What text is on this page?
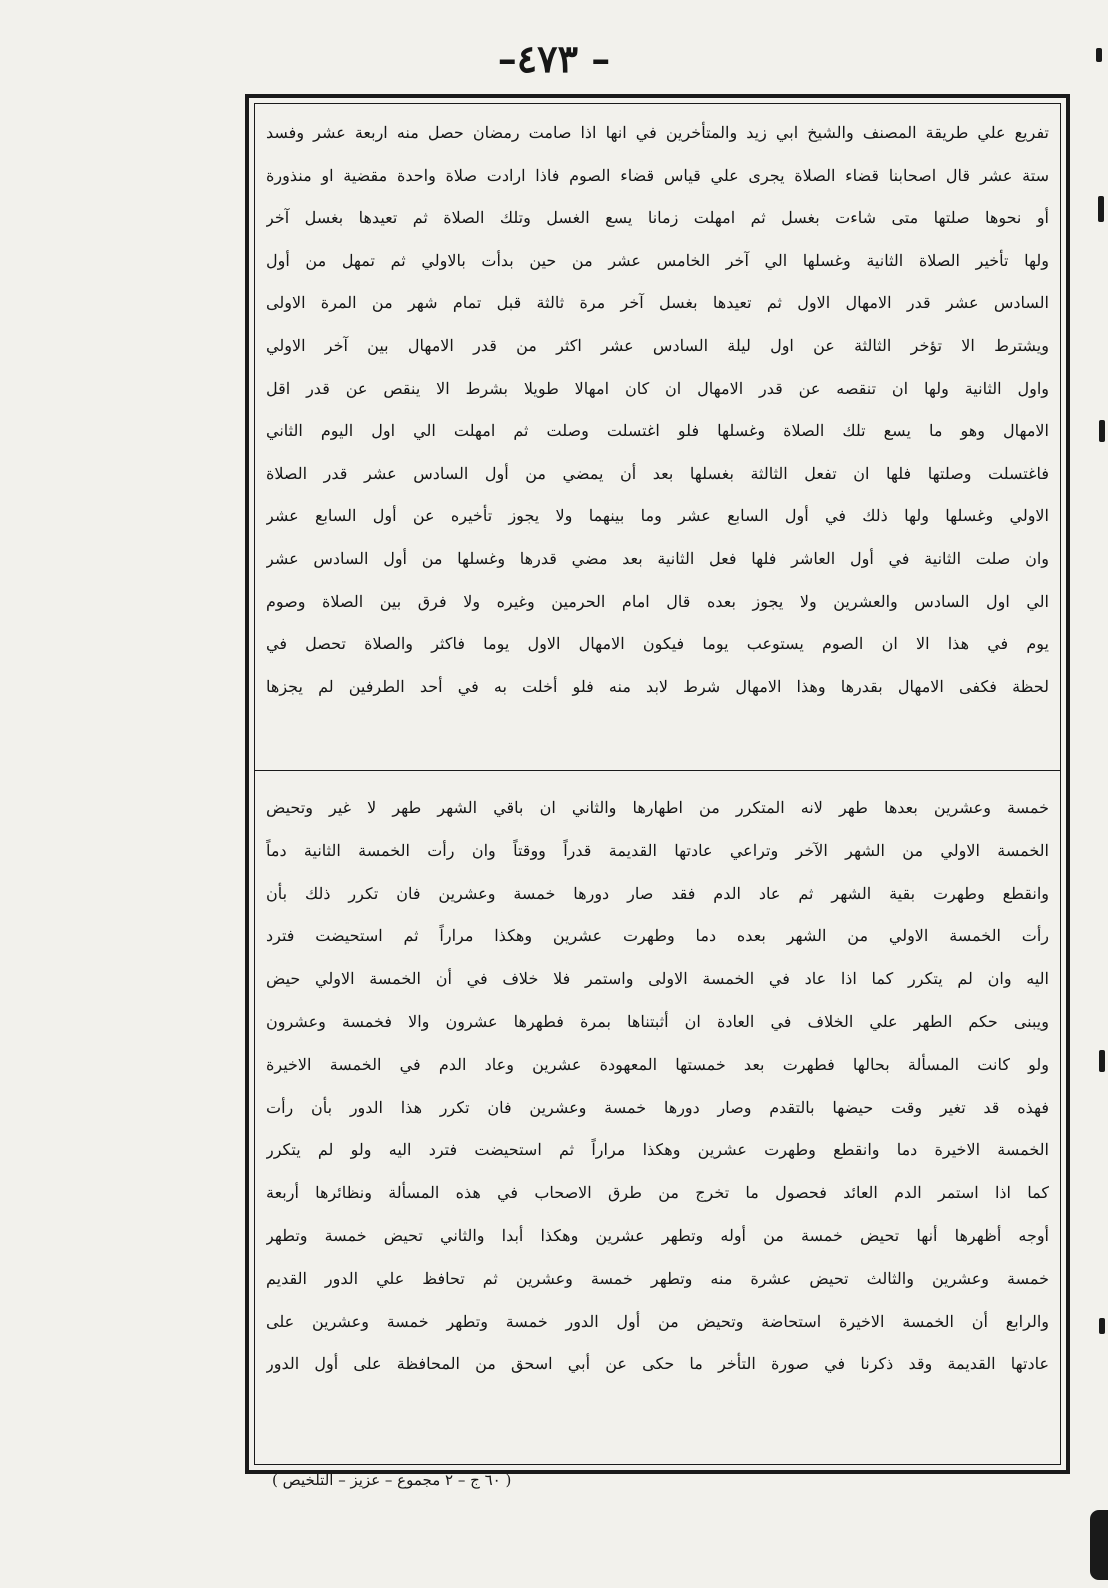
– ٤٧٣–
تفريع علي طريقة المصنف والشيخ ابي زيد والمتأخرين في انها اذا صامت رمضان حصل منه اربعة عشر وفسد
ستة عشر قال اصحابنا قضاء الصلاة يجرى علي قياس قضاء الصوم فاذا ارادت صلاة واحدة مقضية او منذورة
أو نحوها صلتها متى شاءت بغسل ثم امهلت زمانا يسع الغسل وتلك الصلاة ثم تعيدها بغسل آخر
ولها تأخير الصلاة الثانية وغسلها الي آخر الخامس عشر من حين بدأت بالاولي ثم تمهل من أول
السادس عشر قدر الامهال الاول ثم تعيدها بغسل آخر مرة ثالثة قبل تمام شهر من المرة الاولى
ويشترط الا تؤخر الثالثة عن اول ليلة السادس عشر اكثر من قدر الامهال بين آخر الاولي
واول الثانية ولها ان تنقصه عن قدر الامهال ان كان امهالا طويلا بشرط الا ينقص عن قدر اقل
الامهال وهو ما يسع تلك الصلاة وغسلها فلو اغتسلت وصلت ثم امهلت الي اول اليوم الثاني
فاغتسلت وصلتها فلها ان تفعل الثالثة بغسلها بعد أن يمضي من أول السادس عشر قدر الصلاة
الاولي وغسلها ولها ذلك في أول السابع عشر وما بينهما ولا يجوز تأخيره عن أول السابع عشر
وان صلت الثانية في أول العاشر فلها فعل الثانية بعد مضي قدرها وغسلها من أول السادس عشر
الي اول السادس والعشرين ولا يجوز بعده قال امام الحرمين وغيره ولا فرق بين الصلاة وصوم
يوم في هذا الا ان الصوم يستوعب يوما فيكون الامهال الاول يوما فاكثر والصلاة تحصل في
لحظة فكفى الامهال بقدرها وهذا الامهال شرط لابد منه فلو أخلت به في أحد الطرفين لم يجزها
خمسة وعشرين بعدها طهر لانه المتكرر من اطهارها والثاني ان باقي الشهر طهر لا غير وتحيض
الخمسة الاولي من الشهر الآخر وتراعي عادتها القديمة قدراً ووقتاً وان رأت الخمسة الثانية دماً
وانقطع وطهرت بقية الشهر ثم عاد الدم فقد صار دورها خمسة وعشرين فان تكرر ذلك بأن
رأت الخمسة الاولي من الشهر بعده دما وطهرت عشرين وهكذا مراراً ثم استحيضت فترد
اليه وان لم يتكرر كما اذا عاد في الخمسة الاولى واستمر فلا خلاف في أن الخمسة الاولي حيض
ويبنى حكم الطهر علي الخلاف في العادة ان أثبتناها بمرة فطهرها عشرون والا فخمسة وعشرون
ولو كانت المسألة بحالها فطهرت بعد خمستها المعهودة عشرين وعاد الدم في الخمسة الاخيرة
فهذه قد تغير وقت حيضها بالتقدم وصار دورها خمسة وعشرين فان تكرر هذا الدور بأن رأت
الخمسة الاخيرة دما وانقطع وطهرت عشرين وهكذا مراراً ثم استحيضت فترد اليه ولو لم يتكرر
كما اذا استمر الدم العائد فحصول ما تخرج من طرق الاصحاب في هذه المسألة ونظائرها أربعة
أوجه أظهرها أنها تحيض خمسة من أوله وتطهر عشرين وهكذا أبدا والثاني تحيض خمسة وتطهر
خمسة وعشرين والثالث تحيض عشرة منه وتطهر خمسة وعشرين ثم تحافظ علي الدور القديم
والرابع أن الخمسة الاخيرة استحاضة وتحيض من أول الدور خمسة وتطهر خمسة وعشرين على
عادتها القديمة وقد ذكرنا في صورة التأخر ما حكى عن أبي اسحق من المحافظة على أول الدور
( ٦٠ ج – ٢ مجموع – عزيز – التلخيص )
